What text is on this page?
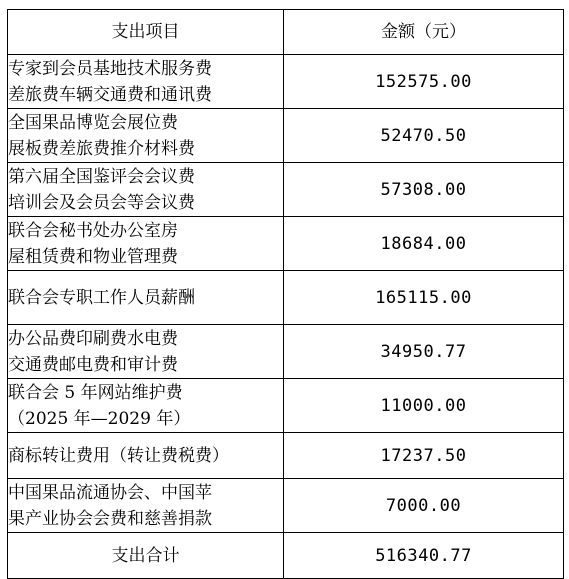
支出项目	金额（元）

专家到会员基地技术服务费
差旅费车辆交通费和通讯费	152575.00

全国果品博览会展位费
展板费差旅费推介材料费	52470.50

第六届全国鉴评会会议费
培训会及会员会等会议费	57308.00

联合会秘书处办公室房
屋租赁费和物业管理费	18684.00

联合会专职工作人员薪酬	165115.00

办公品费印刷费水电费
交通费邮电费和审计费	34950.77

联合会 5 年网站维护费
（2025 年—2029 年）	11000.00

商标转让费用（转让费税费）	17237.50

中国果品流通协会、中国苹
果产业协会会费和慈善捐款	7000.00
支出合计	516340.77
